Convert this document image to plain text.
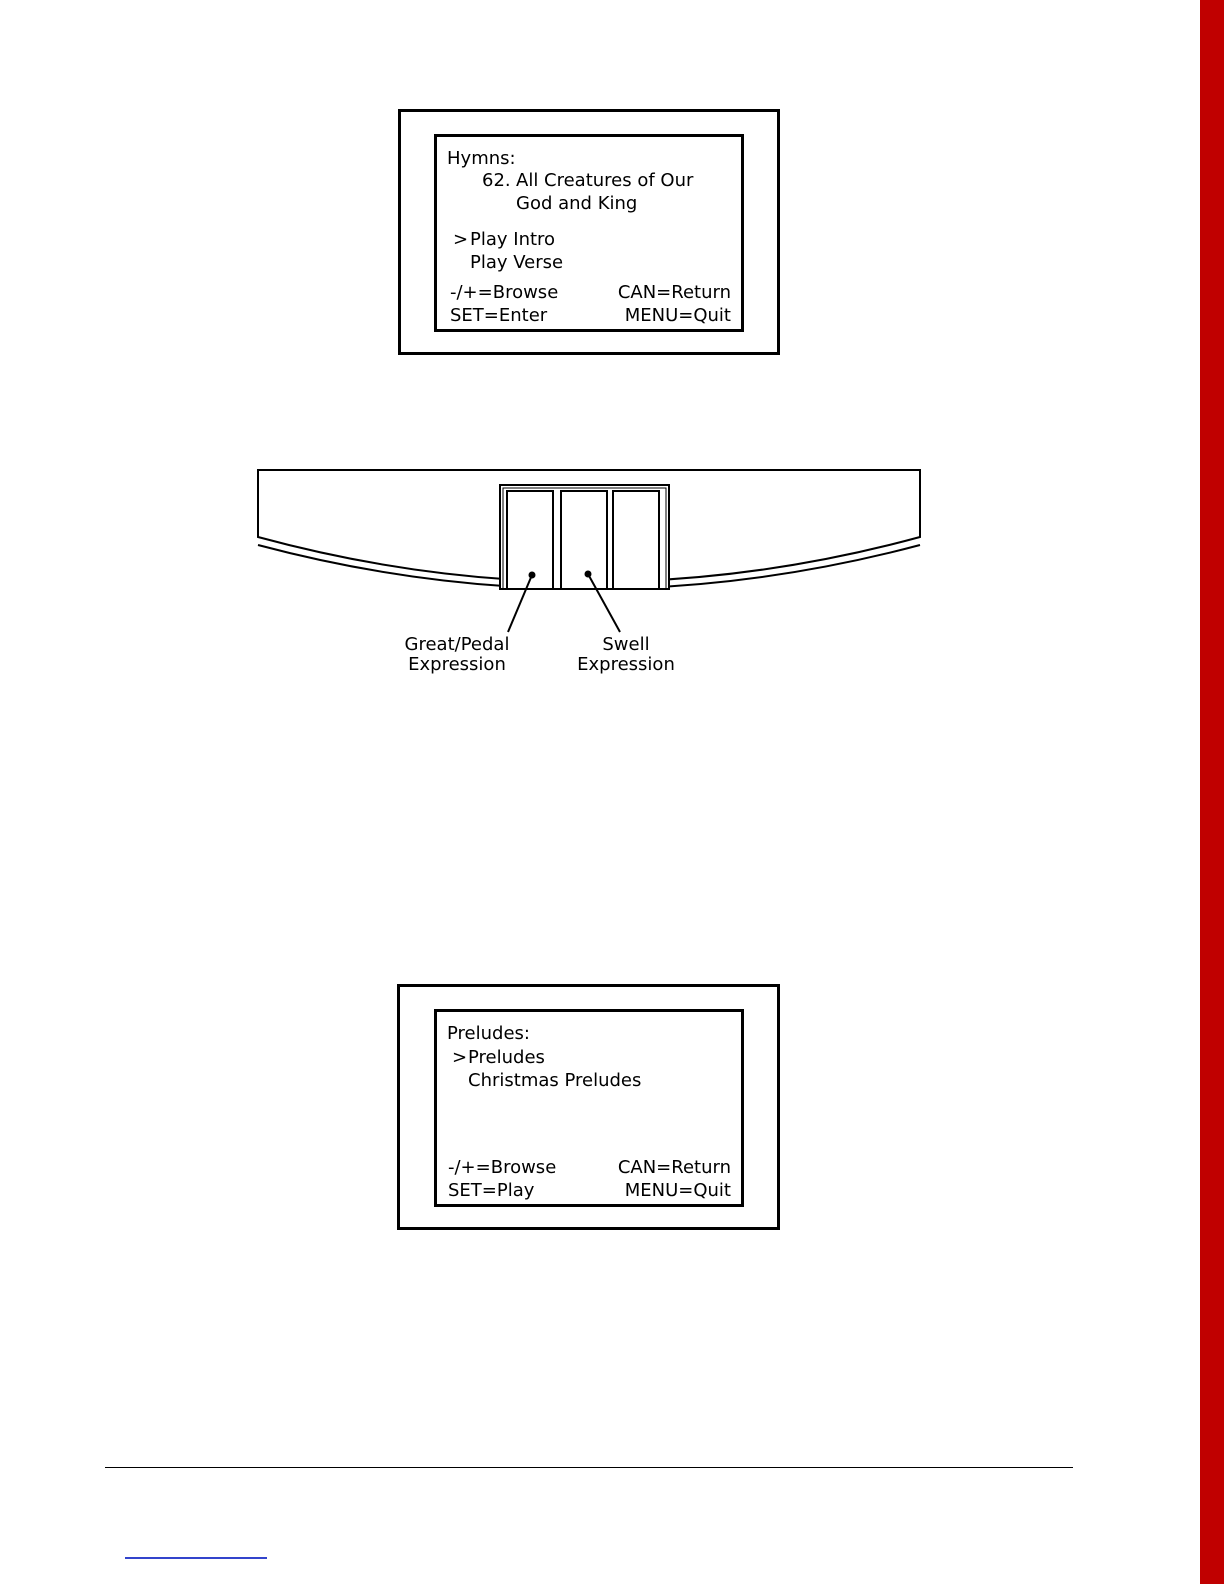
Hymns:
62. All Creatures of Our
God and King
> Play Intro
Play Verse
-/+=Browse	CAN=Return
SET=Enter	MENU=Quit
Great/Pedal
Expression
Swell
Expression
Preludes:
> Preludes
Christmas Preludes
-/+=Browse	CAN=Return
SET=Play	MENU=Quit
